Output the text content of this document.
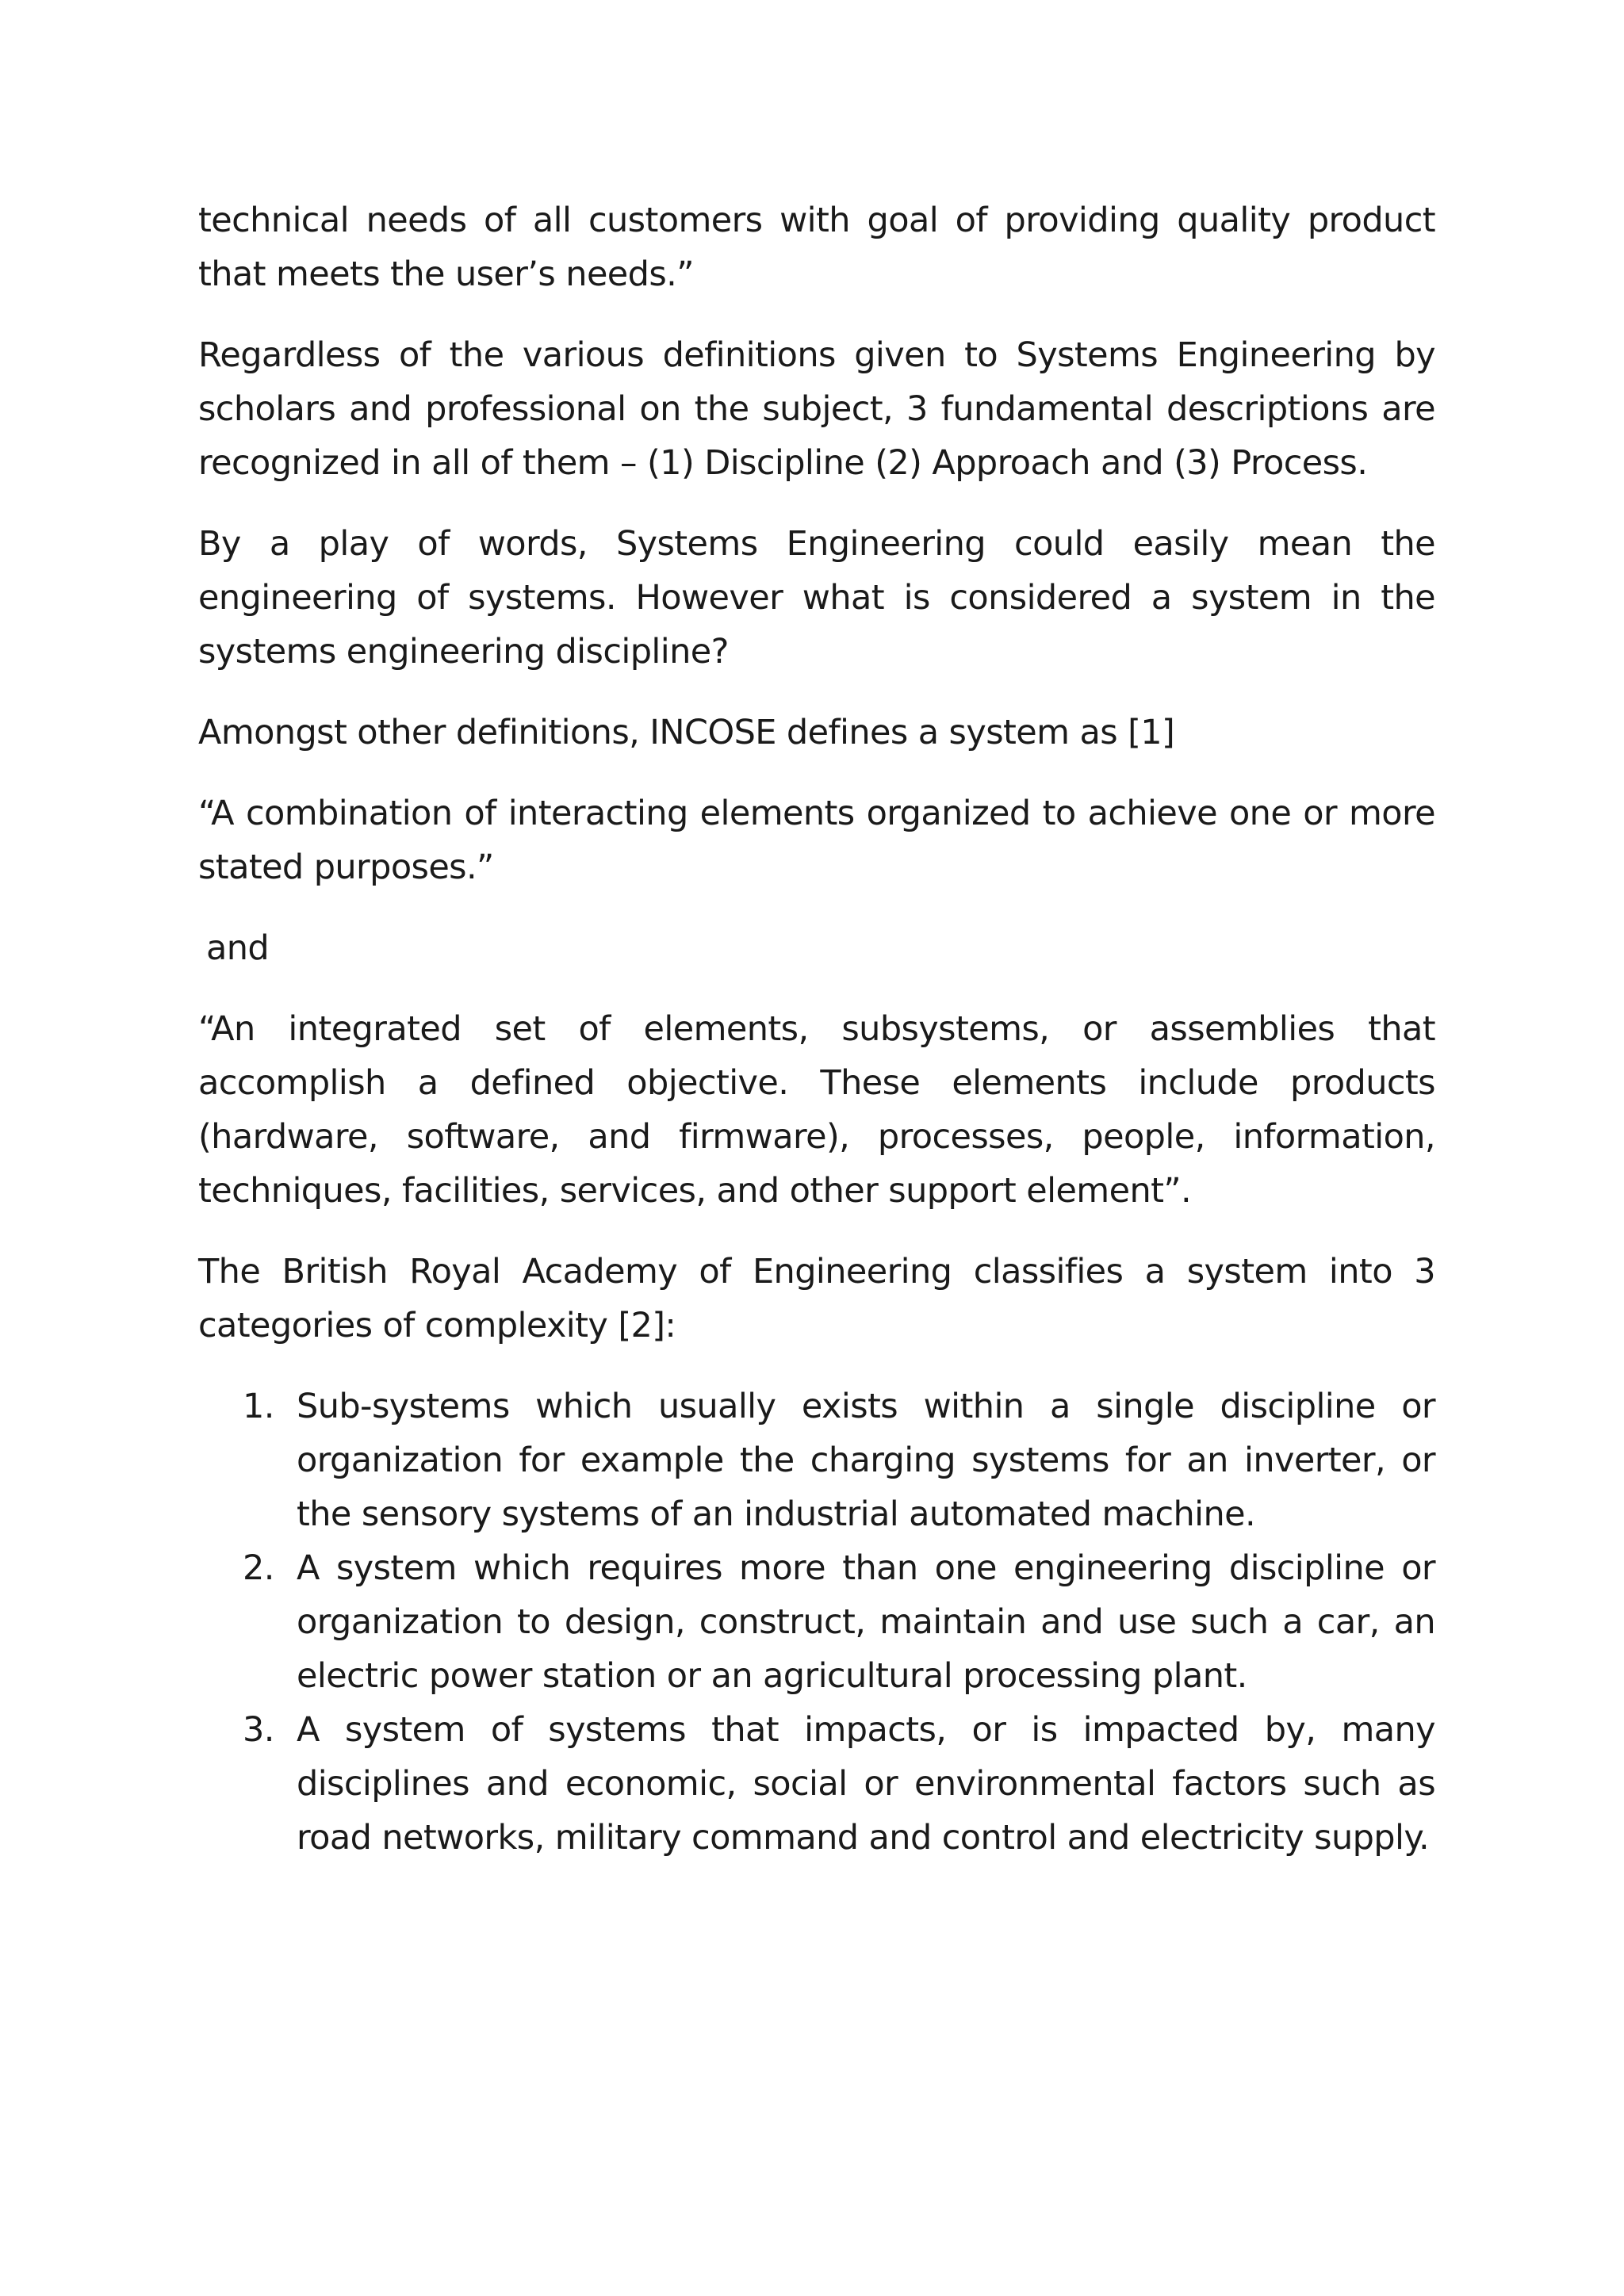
technical needs of all customers with goal of providing quality product that meets the user’s needs.”

Regardless of the various definitions given to Systems Engineering by scholars and professional on the subject, 3 fundamental descriptions are recognized in all of them – (1) Discipline (2) Approach and (3) Process.

By a play of words, Systems Engineering could easily mean the engineering of systems. However what is considered a system in the systems engineering discipline?

Amongst other definitions, INCOSE defines a system as [1]

“A combination of interacting elements organized to achieve one or more stated purposes.”

and

“An integrated set of elements, subsystems, or assemblies that accomplish a defined objective. These elements include products (hardware, software, and firmware), processes, people, information, techniques, facilities, services, and other support element”.

The British Royal Academy of Engineering classifies a system into 3 categories of complexity [2]:

1. Sub-systems which usually exists within a single discipline or organization for example the charging systems for an inverter, or the sensory systems of an industrial automated machine.
2. A system which requires more than one engineering discipline or organization to design, construct, maintain and use such a car, an electric power station or an agricultural processing plant.
3. A system of systems that impacts, or is impacted by, many disciplines and economic, social or environmental factors such as road networks, military command and control and electricity supply.
